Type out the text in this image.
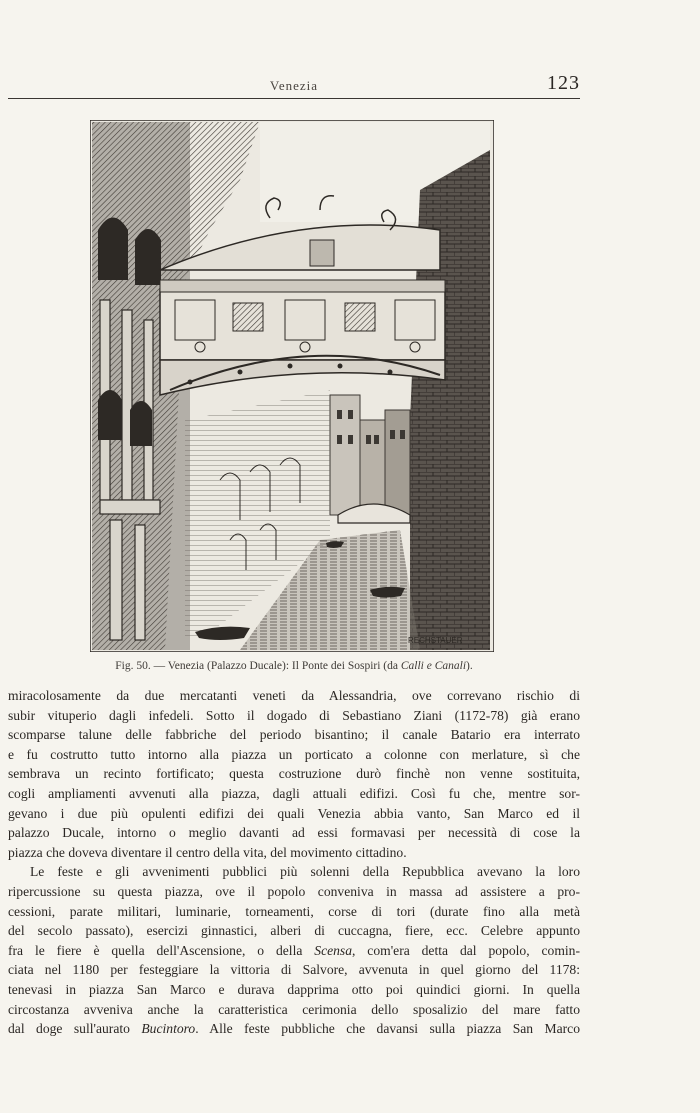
Venezia	123
RECHSTAUER
Fig. 50. — Venezia (Palazzo Ducale): Il Ponte dei Sospiri (da Calli e Canali).
miracolosamente da due mercatanti veneti da Alessandria, ove correvano rischio di
subir vituperio dagli infedeli. Sotto il dogado di Sebastiano Ziani (1172-78) già erano
scomparse talune delle fabbriche del periodo bisantino; il canale Batario era interrato
e fu costrutto tutto intorno alla piazza un porticato a colonne con merlature, sì che
sembrava un recinto fortificato; questa costruzione durò finchè non venne sostituita,
cogli ampliamenti avvenuti alla piazza, dagli attuali edifizi. Così fu che, mentre sor-
gevano i due più opulenti edifizi dei quali Venezia abbia vanto, San Marco ed il
palazzo Ducale, intorno o meglio davanti ad essi formavasi per necessità di cose la
piazza che doveva diventare il centro della vita, del movimento cittadino.
Le feste e gli avvenimenti pubblici più solenni della Repubblica avevano la loro
ripercussione su questa piazza, ove il popolo conveniva in massa ad assistere a pro-
cessioni, parate militari, luminarie, torneamenti, corse di tori (durate fino alla metà
del secolo passato), esercizi ginnastici, alberi di cuccagna, fiere, ecc. Celebre appunto
fra le fiere è quella dell'Ascensione, o della Scensa, com'era detta dal popolo, comin-
ciata nel 1180 per festeggiare la vittoria di Salvore, avvenuta in quel giorno del 1178:
tenevasi in piazza San Marco e durava dapprima otto poi quindici giorni. In quella
circostanza avveniva anche la caratteristica cerimonia dello sposalizio del mare fatto
dal doge sull'aurato Bucintoro. Alle feste pubbliche che davansi sulla piazza San Marco
